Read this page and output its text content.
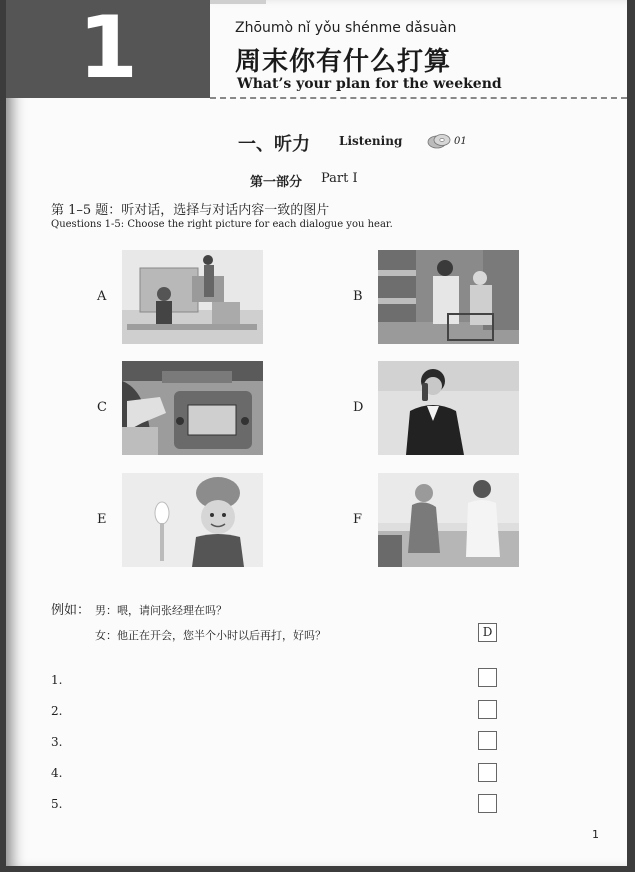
1	Zhōumò nǐ yǒu shénme dǎsuàn
周末你有什么打算
What’s your plan for the weekend
一、听力 Listening	01
第一部分 Part Ⅰ
第 1–5 题：听对话，选择与对话内容一致的图片
Questions 1-5: Choose the right picture for each dialogue you hear.
A	B
C	D
E	F
例如： 男：喂，请问张经理在吗？
女：他正在开会，您半个小时以后再打，好吗？	D
1.
2.
3.
4.
5.
1
